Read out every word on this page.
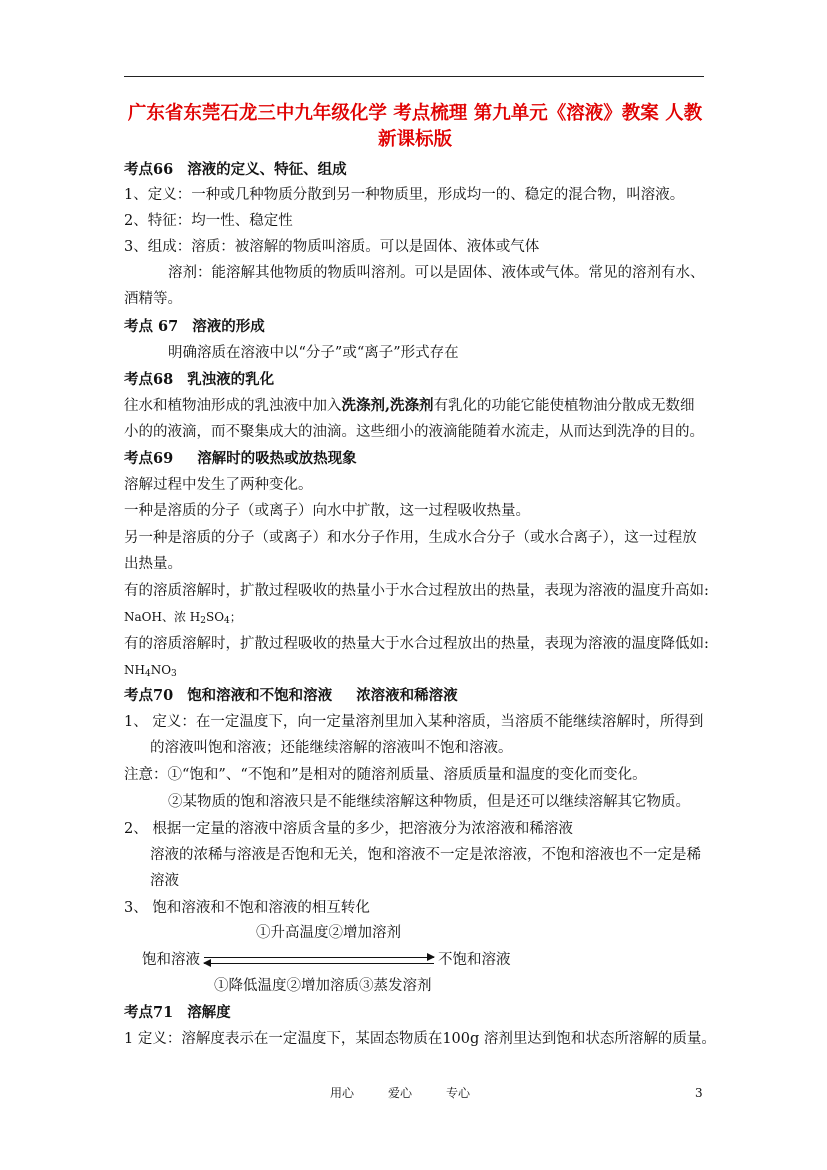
广东省东莞石龙三中九年级化学 考点梳理 第九单元《溶液》教案 人教新课标版
考点66 溶液的定义、特征、组成
1、定义：一种或几种物质分散到另一种物质里，形成均一的、稳定的混合物，叫溶液。
2、特征：均一性、稳定性
3、组成：溶质：被溶解的物质叫溶质。可以是固体、液体或气体
溶剂：能溶解其他物质的物质叫溶剂。可以是固体、液体或气体。常见的溶剂有水、
酒精等。
考点 67 溶液的形成
明确溶质在溶液中以“分子”或“离子”形式存在
考点68 乳浊液的乳化
往水和植物油形成的乳浊液中加入洗涤剂,洗涤剂有乳化的功能它能使植物油分散成无数细
小的的液滴，而不聚集成大的油滴。这些细小的液滴能随着水流走，从而达到洗净的目的。
考点69 溶解时的吸热或放热现象
溶解过程中发生了两种变化。
一种是溶质的分子（或离子）向水中扩散，这一过程吸收热量。
另一种是溶质的分子（或离子）和水分子作用，生成水合分子（或水合离子），这一过程放
出热量。
有的溶质溶解时，扩散过程吸收的热量小于水合过程放出的热量，表现为溶液的温度升高如:
NaOH、浓 $H_2SO_4$；
有的溶质溶解时，扩散过程吸收的热量大于水合过程放出的热量，表现为溶液的温度降低如:
$NH_4NO_3$
考点70 饱和溶液和不饱和溶液 浓溶液和稀溶液
1、 定义：在一定温度下，向一定量溶剂里加入某种溶质，当溶质不能继续溶解时，所得到
的溶液叫饱和溶液；还能继续溶解的溶液叫不饱和溶液。
注意：①“饱和”、“不饱和”是相对的随溶剂质量、溶质质量和温度的变化而变化。
②某物质的饱和溶液只是不能继续溶解这种物质，但是还可以继续溶解其它物质。
2、 根据一定量的溶液中溶质含量的多少，把溶液分为浓溶液和稀溶液
溶液的浓稀与溶液是否饱和无关，饱和溶液不一定是浓溶液，不饱和溶液也不一定是稀
溶液
3、 饱和溶液和不饱和溶液的相互转化
①升高温度②增加溶剂
饱和溶液	不饱和溶液
①降低温度②增加溶质③蒸发溶剂
考点71 溶解度
1 定义：溶解度表示在一定温度下，某固态物质在100g 溶剂里达到饱和状态所溶解的质量。
用心	爱心	专心	3
